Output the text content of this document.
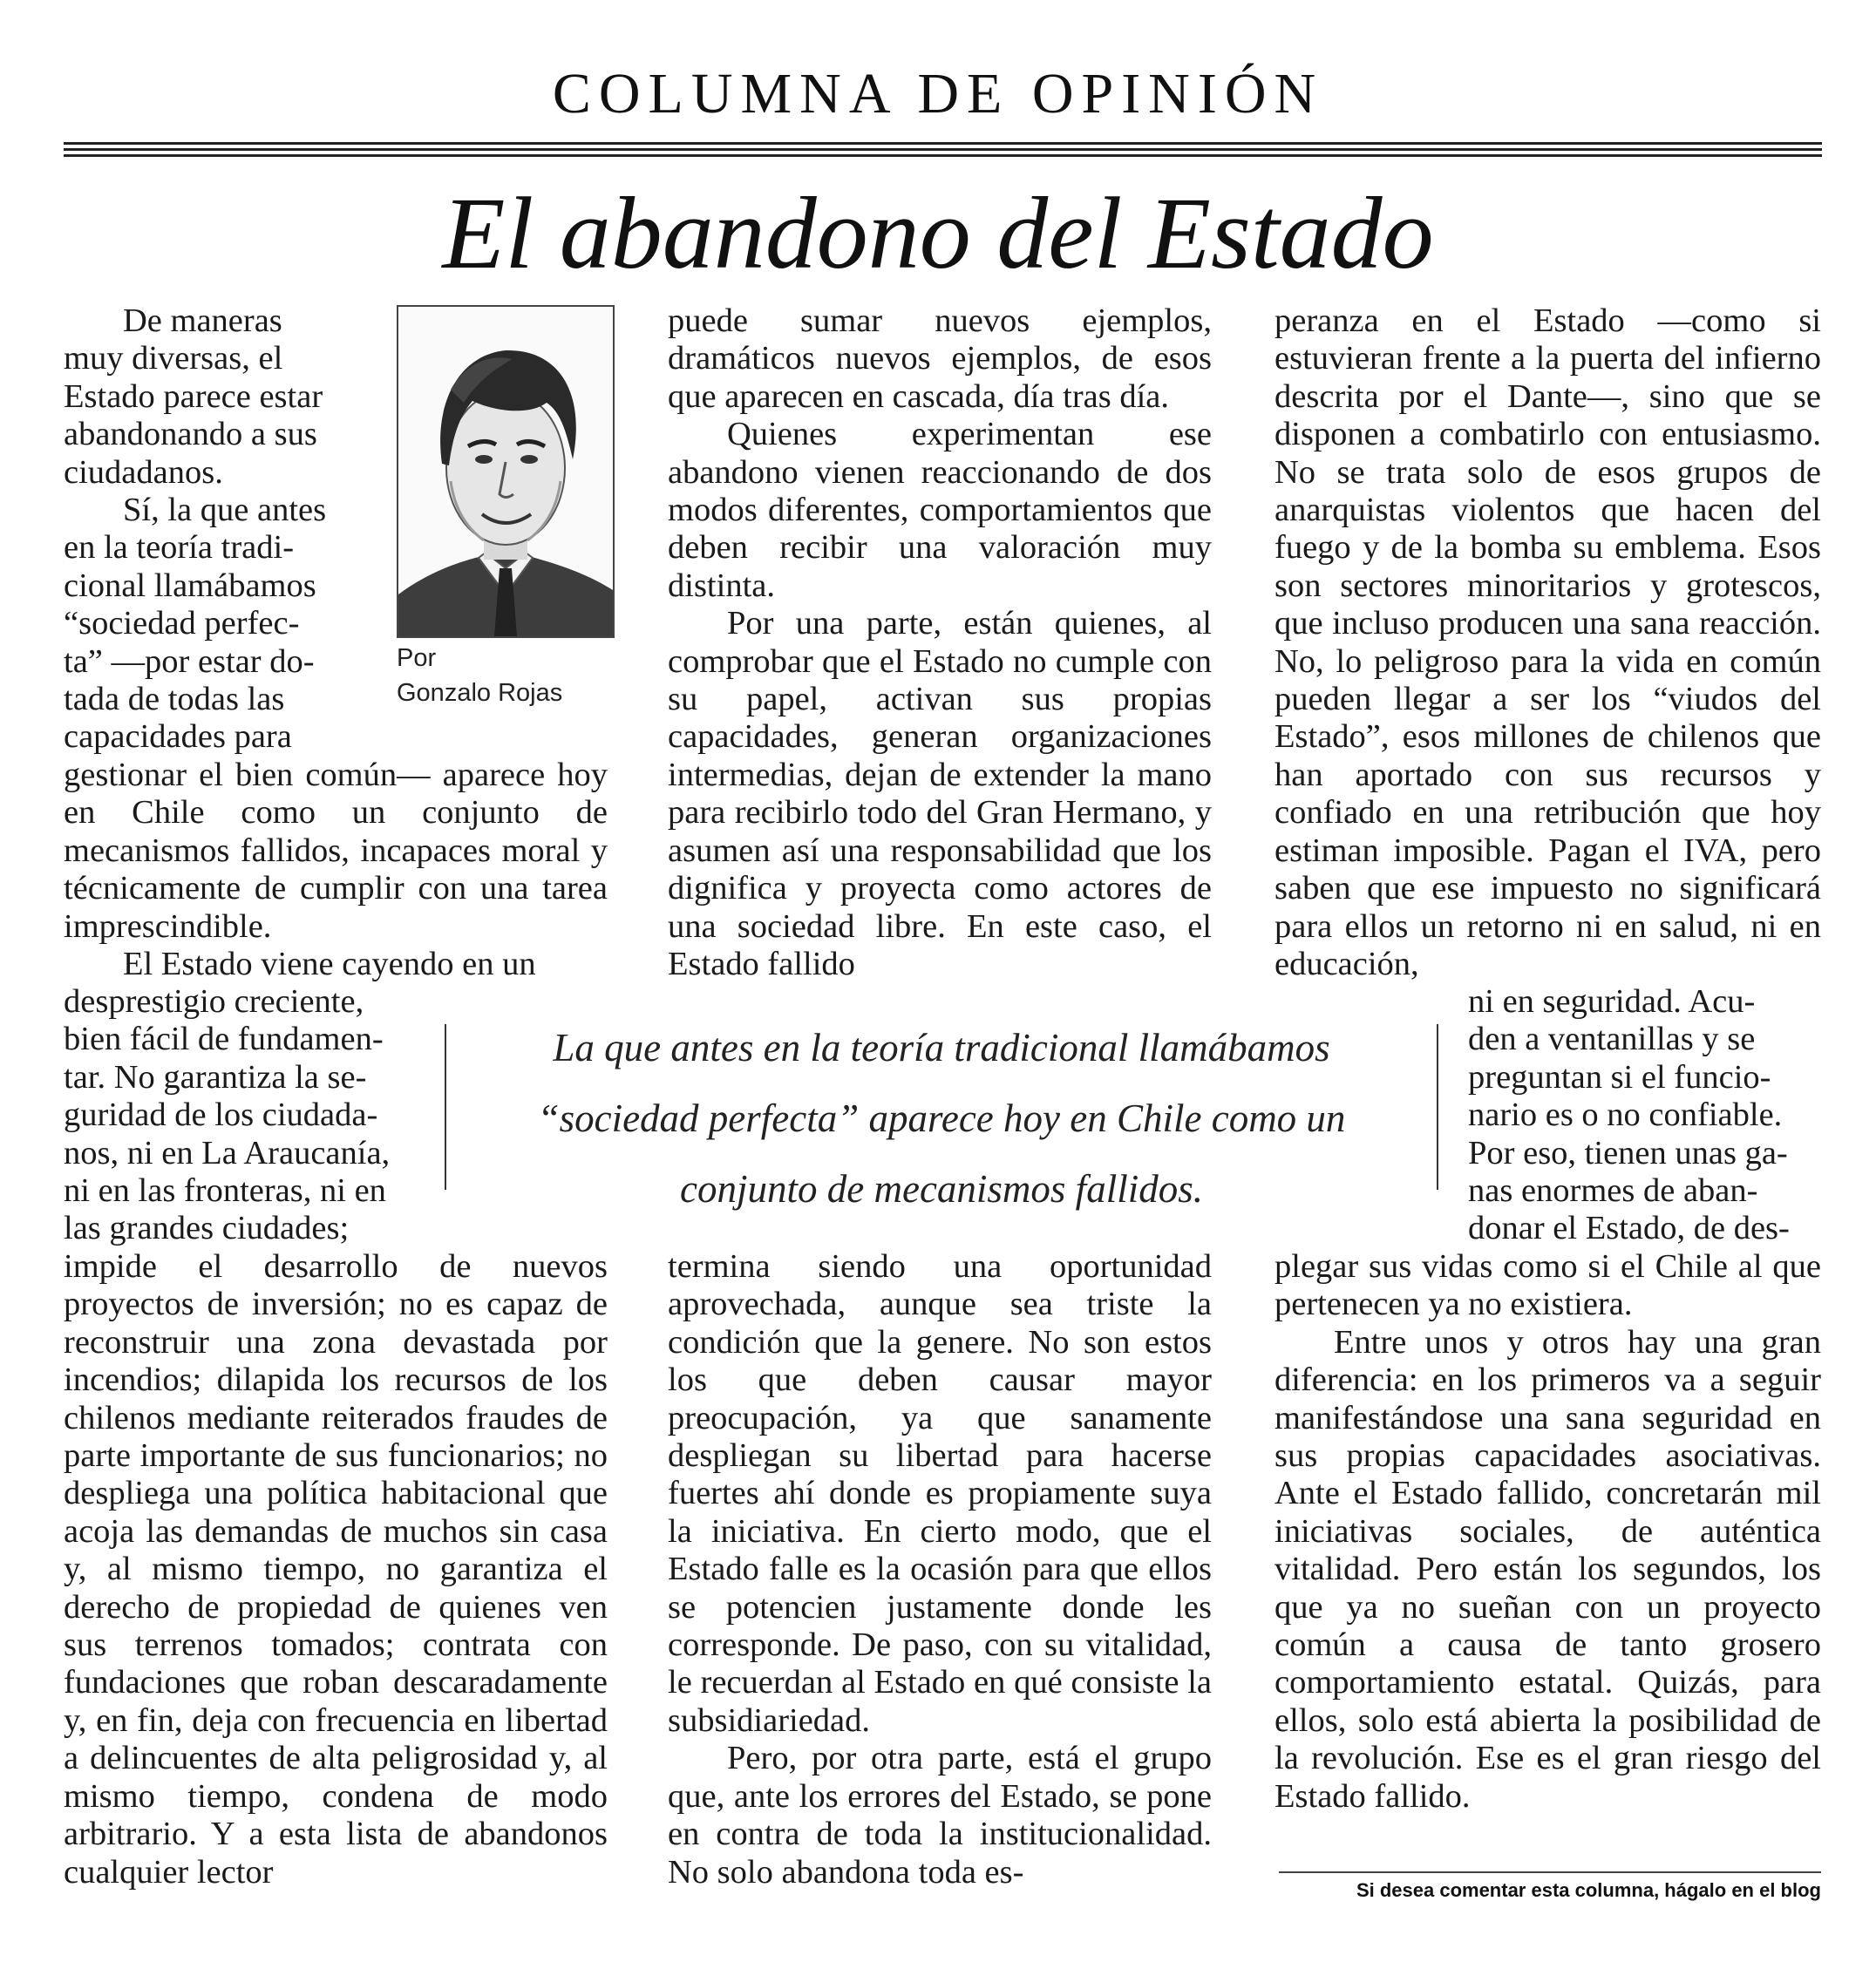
COLUMNA DE OPINIÓN
El abandono del Estado
Por
Gonzalo Rojas

De maneras
muy diversas, el
Estado parece estar
abandonando a sus
ciudadanos.

Sí, la que antes
en la teoría tradi-
cional llamábamos
“sociedad perfec-
ta” —por estar do-
tada de todas las
capacidades para

gestionar el bien común— aparece hoy en Chile como un conjunto de mecanismos fallidos, incapaces moral y técnicamente de cumplir con una tarea imprescindible.

El Estado viene cayendo en un

desprestigio creciente,
bien fácil de fundamen-
tar. No garantiza la se-
guridad de los ciudada-
nos, ni en La Araucanía,
ni en las fronteras, ni en
las grandes ciudades;

impide el desarrollo de nuevos proyectos de inversión; no es capaz de reconstruir una zona devastada por incendios; dilapida los recursos de los chilenos mediante reiterados fraudes de parte importante de sus funcionarios; no despliega una política habitacional que acoja las demandas de muchos sin casa y, al mismo tiempo, no garantiza el derecho de propiedad de quienes ven sus terrenos tomados; contrata con fundaciones que roban descaradamente y, en fin, deja con frecuencia en libertad a delincuentes de alta peligrosidad y, al mismo tiempo, condena de modo arbitrario. Y a esta lista de abandonos cualquier lector

puede sumar nuevos ejemplos, dramáticos nuevos ejemplos, de esos que aparecen en cascada, día tras día.

Quienes experimentan ese abandono vienen reaccionando de dos modos diferentes, comportamientos que deben recibir una valoración muy distinta.

Por una parte, están quienes, al comprobar que el Estado no cumple con su papel, activan sus propias capacidades, generan organizaciones intermedias, dejan de extender la mano para recibirlo todo del Gran Hermano, y asumen así una responsabilidad que los dignifica y proyecta como actores de una sociedad libre. En este caso, el Estado fallido

termina siendo una oportunidad aprovechada, aunque sea triste la condición que la genere. No son estos los que deben causar mayor preocupación, ya que sanamente despliegan su libertad para hacerse fuertes ahí donde es propiamente suya la iniciativa. En cierto modo, que el Estado falle es la ocasión para que ellos se potencien justamente donde les corresponde. De paso, con su vitalidad, le recuerdan al Estado en qué consiste la subsidiariedad.

Pero, por otra parte, está el grupo que, ante los errores del Estado, se pone en contra de toda la institucionalidad. No solo abandona toda es-

peranza en el Estado —como si estuvieran frente a la puerta del infierno descrita por el Dante—, sino que se disponen a combatirlo con entusiasmo. No se trata solo de esos grupos de anarquistas violentos que hacen del fuego y de la bomba su emblema. Esos son sectores minoritarios y grotescos, que incluso producen una sana reacción. No, lo peligroso para la vida en común pueden llegar a ser los “viudos del Estado”, esos millones de chilenos que han aportado con sus recursos y confiado en una retribución que hoy estiman imposible. Pagan el IVA, pero saben que ese impuesto no significará para ellos un retorno ni en salud, ni en educación,

ni en seguridad. Acu-
den a ventanillas y se
preguntan si el funcio-
nario es o no confiable.
Por eso, tienen unas ga-
nas enormes de aban-
donar el Estado, de des-

plegar sus vidas como si el Chile al que pertenecen ya no existiera.

Entre unos y otros hay una gran diferencia: en los primeros va a seguir manifestándose una sana seguridad en sus propias capacidades asociativas. Ante el Estado fallido, concretarán mil iniciativas sociales, de auténtica vitalidad. Pero están los segundos, los que ya no sueñan con un proyecto común a causa de tanto grosero comportamiento estatal. Quizás, para ellos, solo está abierta la posibilidad de la revolución. Ese es el gran riesgo del Estado fallido.

La que antes en la teoría tradicional llamábamos
“sociedad perfecta” aparece hoy en Chile como un
conjunto de mecanismos fallidos.
Si desea comentar esta columna, hágalo en el blog
